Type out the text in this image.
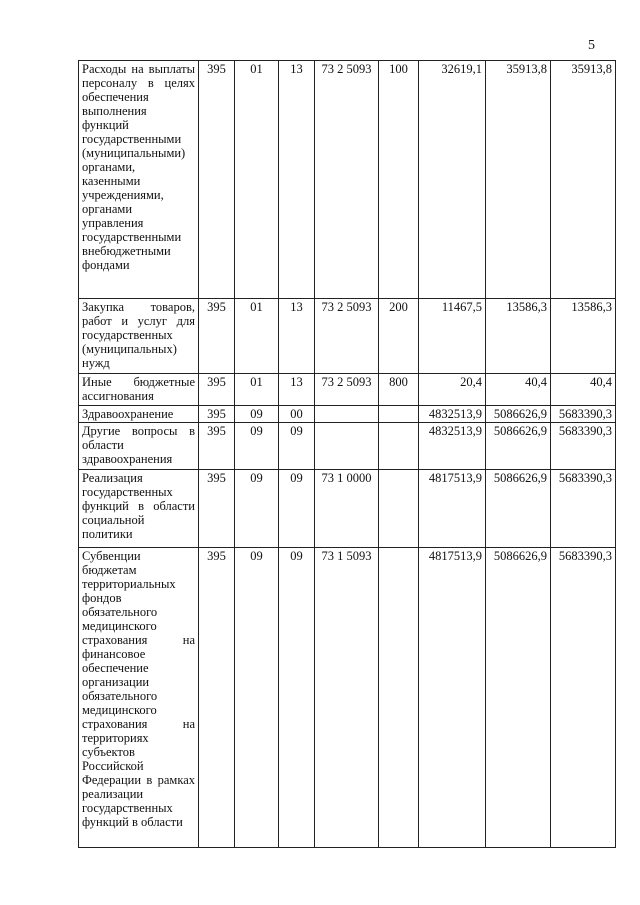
5
Расходы на выплаты персоналу в целях обеспечения выполнения функций государственными (муниципальными) органами, казенными учреждениями, органами управления государственными внебюджетными фондами	395	01	13	73 2 5093	100	32619,1	35913,8	35913,8
Закупка товаров, работ и услуг для государственных (муниципальных) нужд	395	01	13	73 2 5093	200	11467,5	13586,3	13586,3
Иные бюджетные ассигнования	395	01	13	73 2 5093	800	20,4	40,4	40,4
Здравоохранение	395	09	00			4832513,9	5086626,9	5683390,3
Другие вопросы в области здравоохранения	395	09	09			4832513,9	5086626,9	5683390,3
Реализация государственных функций в области социальной политики	395	09	09	73 1 0000		4817513,9	5086626,9	5683390,3
Субвенции бюджетам территориальных фондов обязательного медицинского страхования на финансовое обеспечение организации обязательного медицинского страхования на территориях субъектов Российской Федерации в рамках реализации государственных функций в области	395	09	09	73 1 5093		4817513,9	5086626,9	5683390,3
